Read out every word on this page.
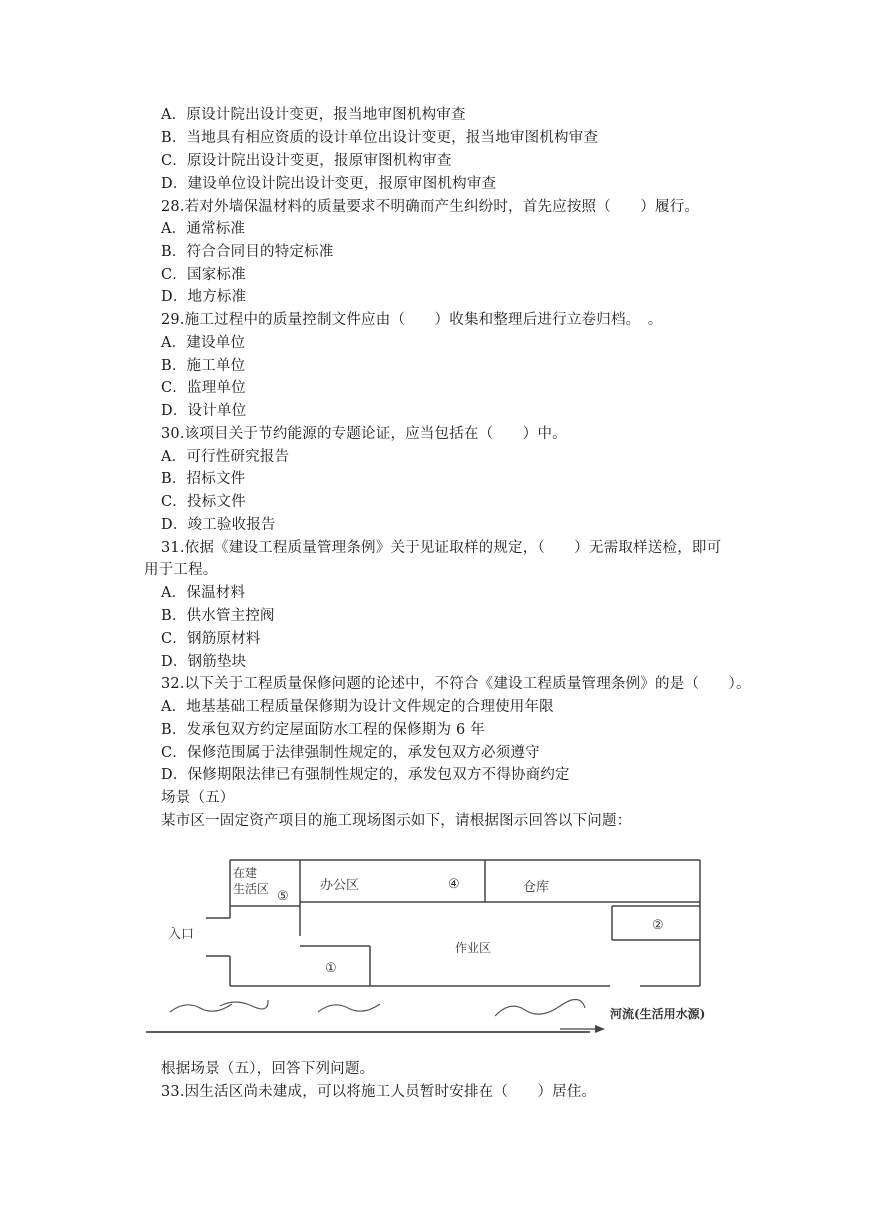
A．原设计院出设计变更，报当地审图机构审查
B．当地具有相应资质的设计单位出设计变更，报当地审图机构审查
C．原设计院出设计变更，报原审图机构审查
D．建设单位设计院出设计变更，报原审图机构审查
28.若对外墙保温材料的质量要求不明确而产生纠纷时，首先应按照（　　）履行。
A．通常标准
B．符合合同目的特定标准
C．国家标准
D．地方标准
29.施工过程中的质量控制文件应由（　　）收集和整理后进行立卷归档。　。
A．建设单位
B．施工单位
C．监理单位
D．设计单位
30.该项目关于节约能源的专题论证，应当包括在（　　）中。
A．可行性研究报告
B．招标文件
C．投标文件
D．竣工验收报告
31.依据《建设工程质量管理条例》关于见证取样的规定，（　　）无需取样送检，即可
用于工程。
A．保温材料
B．供水管主控阀
C．钢筋原材料
D．钢筋垫块
32.以下关于工程质量保修问题的论述中，不符合《建设工程质量管理条例》的是（　　）。
A．地基基础工程质量保修期为设计文件规定的合理使用年限
B．发承包双方约定屋面防水工程的保修期为 6 年
C．保修范围属于法律强制性规定的，承发包双方必须遵守
D．保修期限法律已有强制性规定的，承发包双方不得协商约定
场景（五）
某市区一固定资产项目的施工现场图示如下，请根据图示回答以下问题：
在建
生活区 ⑤
办公区	④	仓库
②
作业区
①
入口
河流(生活用水源)
根据场景（五），回答下列问题。
33.因生活区尚未建成，可以将施工人员暂时安排在（　　）居住。
